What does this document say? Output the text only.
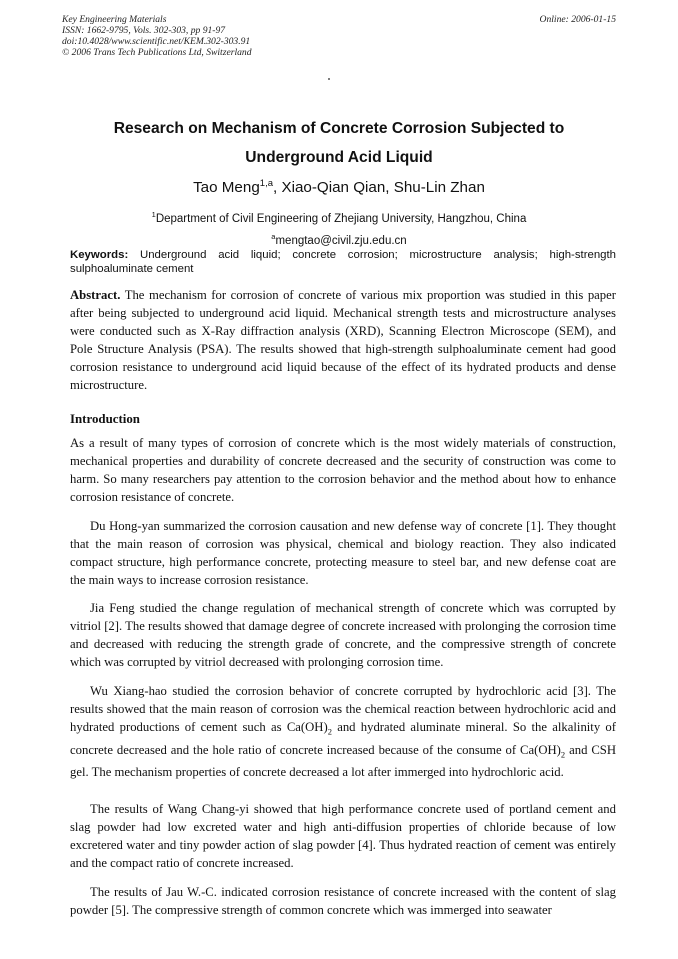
Key Engineering Materials
ISSN: 1662-9795, Vols. 302-303, pp 91-97
doi:10.4028/www.scientific.net/KEM.302-303.91
© 2006 Trans Tech Publications Ltd, Switzerland
Online: 2006-01-15
Research on Mechanism of Concrete Corrosion Subjected to
Underground Acid Liquid
Tao Meng$^{1,a}$, Xiao-Qian Qian, Shu-Lin Zhan
$^1$Department of Civil Engineering of Zhejiang University, Hangzhou, China
$^a$mengtao@civil.zju.edu.cn
Keywords: Underground acid liquid; concrete corrosion; microstructure analysis; high-strength sulphoaluminate cement
Abstract. The mechanism for corrosion of concrete of various mix proportion was studied in this paper after being subjected to underground acid liquid. Mechanical strength tests and microstructure analyses were conducted such as X-Ray diffraction analysis (XRD), Scanning Electron Microscope (SEM), and Pole Structure Analysis (PSA). The results showed that high-strength sulphoaluminate cement had good corrosion resistance to underground acid liquid because of the effect of its hydrated products and dense microstructure.
Introduction
As a result of many types of corrosion of concrete which is the most widely materials of construction, mechanical properties and durability of concrete decreased and the security of construction was come to harm. So many researchers pay attention to the corrosion behavior and the method about how to enhance corrosion resistance of concrete.
Du Hong-yan summarized the corrosion causation and new defense way of concrete [1]. They thought that the main reason of corrosion was physical, chemical and biology reaction. They also indicated compact structure, high performance concrete, protecting measure to steel bar, and new defense coat are the main ways to increase corrosion resistance.
Jia Feng studied the change regulation of mechanical strength of concrete which was corrupted by vitriol [2]. The results showed that damage degree of concrete increased with prolonging the corrosion time and decreased with reducing the strength grade of concrete, and the compressive strength of concrete which was corrupted by vitriol decreased with prolonging corrosion time.
Wu Xiang-hao studied the corrosion behavior of concrete corrupted by hydrochloric acid [3]. The results showed that the main reason of corrosion was the chemical reaction between hydrochloric acid and hydrated productions of cement such as $Ca(OH)_2$ and hydrated aluminate mineral. So the alkalinity of concrete decreased and the hole ratio of concrete increased because of the consume of $Ca(OH)_2$ and CSH gel. The mechanism properties of concrete decreased a lot after immerged into hydrochloric acid.
The results of Wang Chang-yi showed that high performance concrete used of portland cement and slag powder had low excreted water and high anti-diffusion properties of chloride because of low excretered water and tiny powder action of slag powder [4]. Thus hydrated reaction of cement was entirely and the compact ratio of concrete increased.
The results of Jau W.-C. indicated corrosion resistance of concrete increased with the content of slag powder [5]. The compressive strength of common concrete which was immerged into seawater
